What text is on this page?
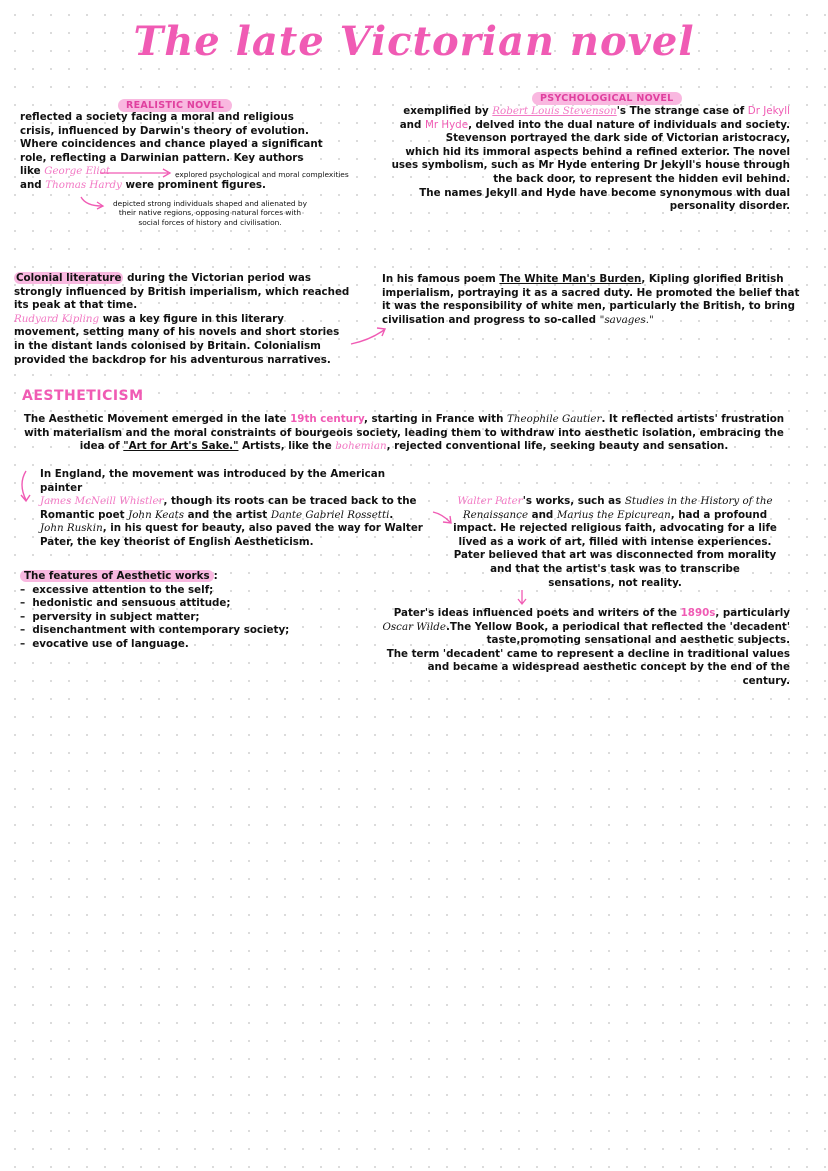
The late Victorian novel
REALISTIC NOVEL
reflected a society facing a moral and religious
crisis, influenced by Darwin's theory of evolution.
Where coincidences and chance played a significant
role, reflecting a Darwinian pattern. Key authors
like George Eliot
and Thomas Hardy were prominent figures.
explored psychological and moral complexities
depicted strong individuals shaped and alienated by
their native regions, opposing natural forces with
social forces of history and civilisation.
PSYCHOLOGICAL NOVEL
exemplified by Robert Louis Stevenson's The strange case of Dr Jekyll
and Mr Hyde, delved into the dual nature of individuals and society.
Stevenson portrayed the dark side of Victorian aristocracy,
which hid its immoral aspects behind a refined exterior. The novel
uses symbolism, such as Mr Hyde entering Dr Jekyll's house through
the back door, to represent the hidden evil behind.
The names Jekyll and Hyde have become synonymous with dual
personality disorder.
Colonial literature during the Victorian period was
strongly influenced by British imperialism, which reached
its peak at that time.
Rudyard Kipling was a key figure in this literary
movement, setting many of his novels and short stories
in the distant lands colonised by Britain. Colonialism
provided the backdrop for his adventurous narratives.
In his famous poem The White Man's Burden, Kipling glorified British
imperialism, portraying it as a sacred duty. He promoted the belief that
it was the responsibility of white men, particularly the British, to bring
civilisation and progress to so-called "savages."
AESTHETICISM
The Aesthetic Movement emerged in the late 19th century, starting in France with Theophile Gautier. It reflected artists' frustration
with materialism and the moral constraints of bourgeois society, leading them to withdraw into aesthetic isolation, embracing the
idea of "Art for Art's Sake." Artists, like the bohemian, rejected conventional life, seeking beauty and sensation.
In England, the movement was introduced by the American painter
James McNeill Whistler, though its roots can be traced back to the
Romantic poet John Keats and the artist Dante Gabriel Rossetti.
John Ruskin, in his quest for beauty, also paved the way for Walter
Pater, the key theorist of English Aestheticism.
The features of Aesthetic works :
–  excessive attention to the self;
–  hedonistic and sensuous attitude;
–  perversity in subject matter;
–  disenchantment with contemporary society;
–  evocative use of language.
Walter Pater's works, such as Studies in the History of the
Renaissance and Marius the Epicurean, had a profound
impact. He rejected religious faith, advocating for a life
lived as a work of art, filled with intense experiences.
Pater believed that art was disconnected from morality
and that the artist's task was to transcribe
sensations, not reality.
Pater's ideas influenced poets and writers of the 1890s, particularly
Oscar Wilde.The Yellow Book, a periodical that reflected the 'decadent'
taste,promoting sensational and aesthetic subjects.
The term 'decadent' came to represent a decline in traditional values
and became a widespread aesthetic concept by the end of the century.
